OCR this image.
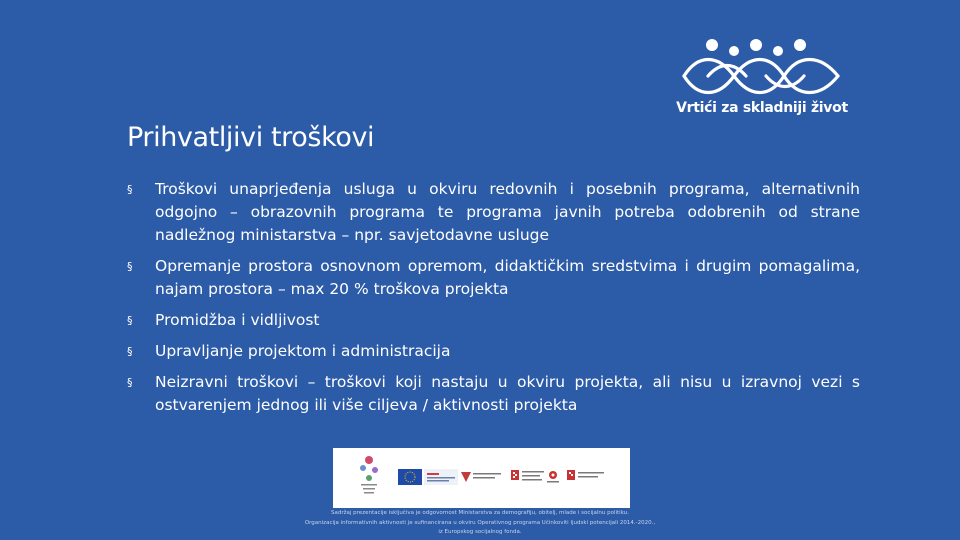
Vrtići za skladniji život
Prihvatljivi troškovi
§ Troškovi unaprjeđenja usluga u okviru redovnih i posebnih programa, alternativnih odgojno – obrazovnih programa te programa javnih potreba odobrenih od strane nadležnog ministarstva – npr. savjetodavne usluge
§ Opremanje prostora osnovnom opremom, didaktičkim sredstvima i drugim pomagalima, najam prostora – max 20 % troškova projekta
§ Promidžba i vidljivost
§ Upravljanje projektom i administracija
§ Neizravni troškovi – troškovi koji nastaju u okviru projekta, ali nisu u izravnoj vezi s ostvarenjem jednog ili više ciljeva / aktivnosti projekta
Sadržaj prezentacije isključiva je odgovornost Ministarstva za demografiju, obitelj, mlade i socijalnu politiku.
Organizacija informativnih aktivnosti je sufinancirana u okviru Operativnog programa Učinkoviti ljudski potencijali 2014.-2020.,
iz Europskog socijalnog fonda.
